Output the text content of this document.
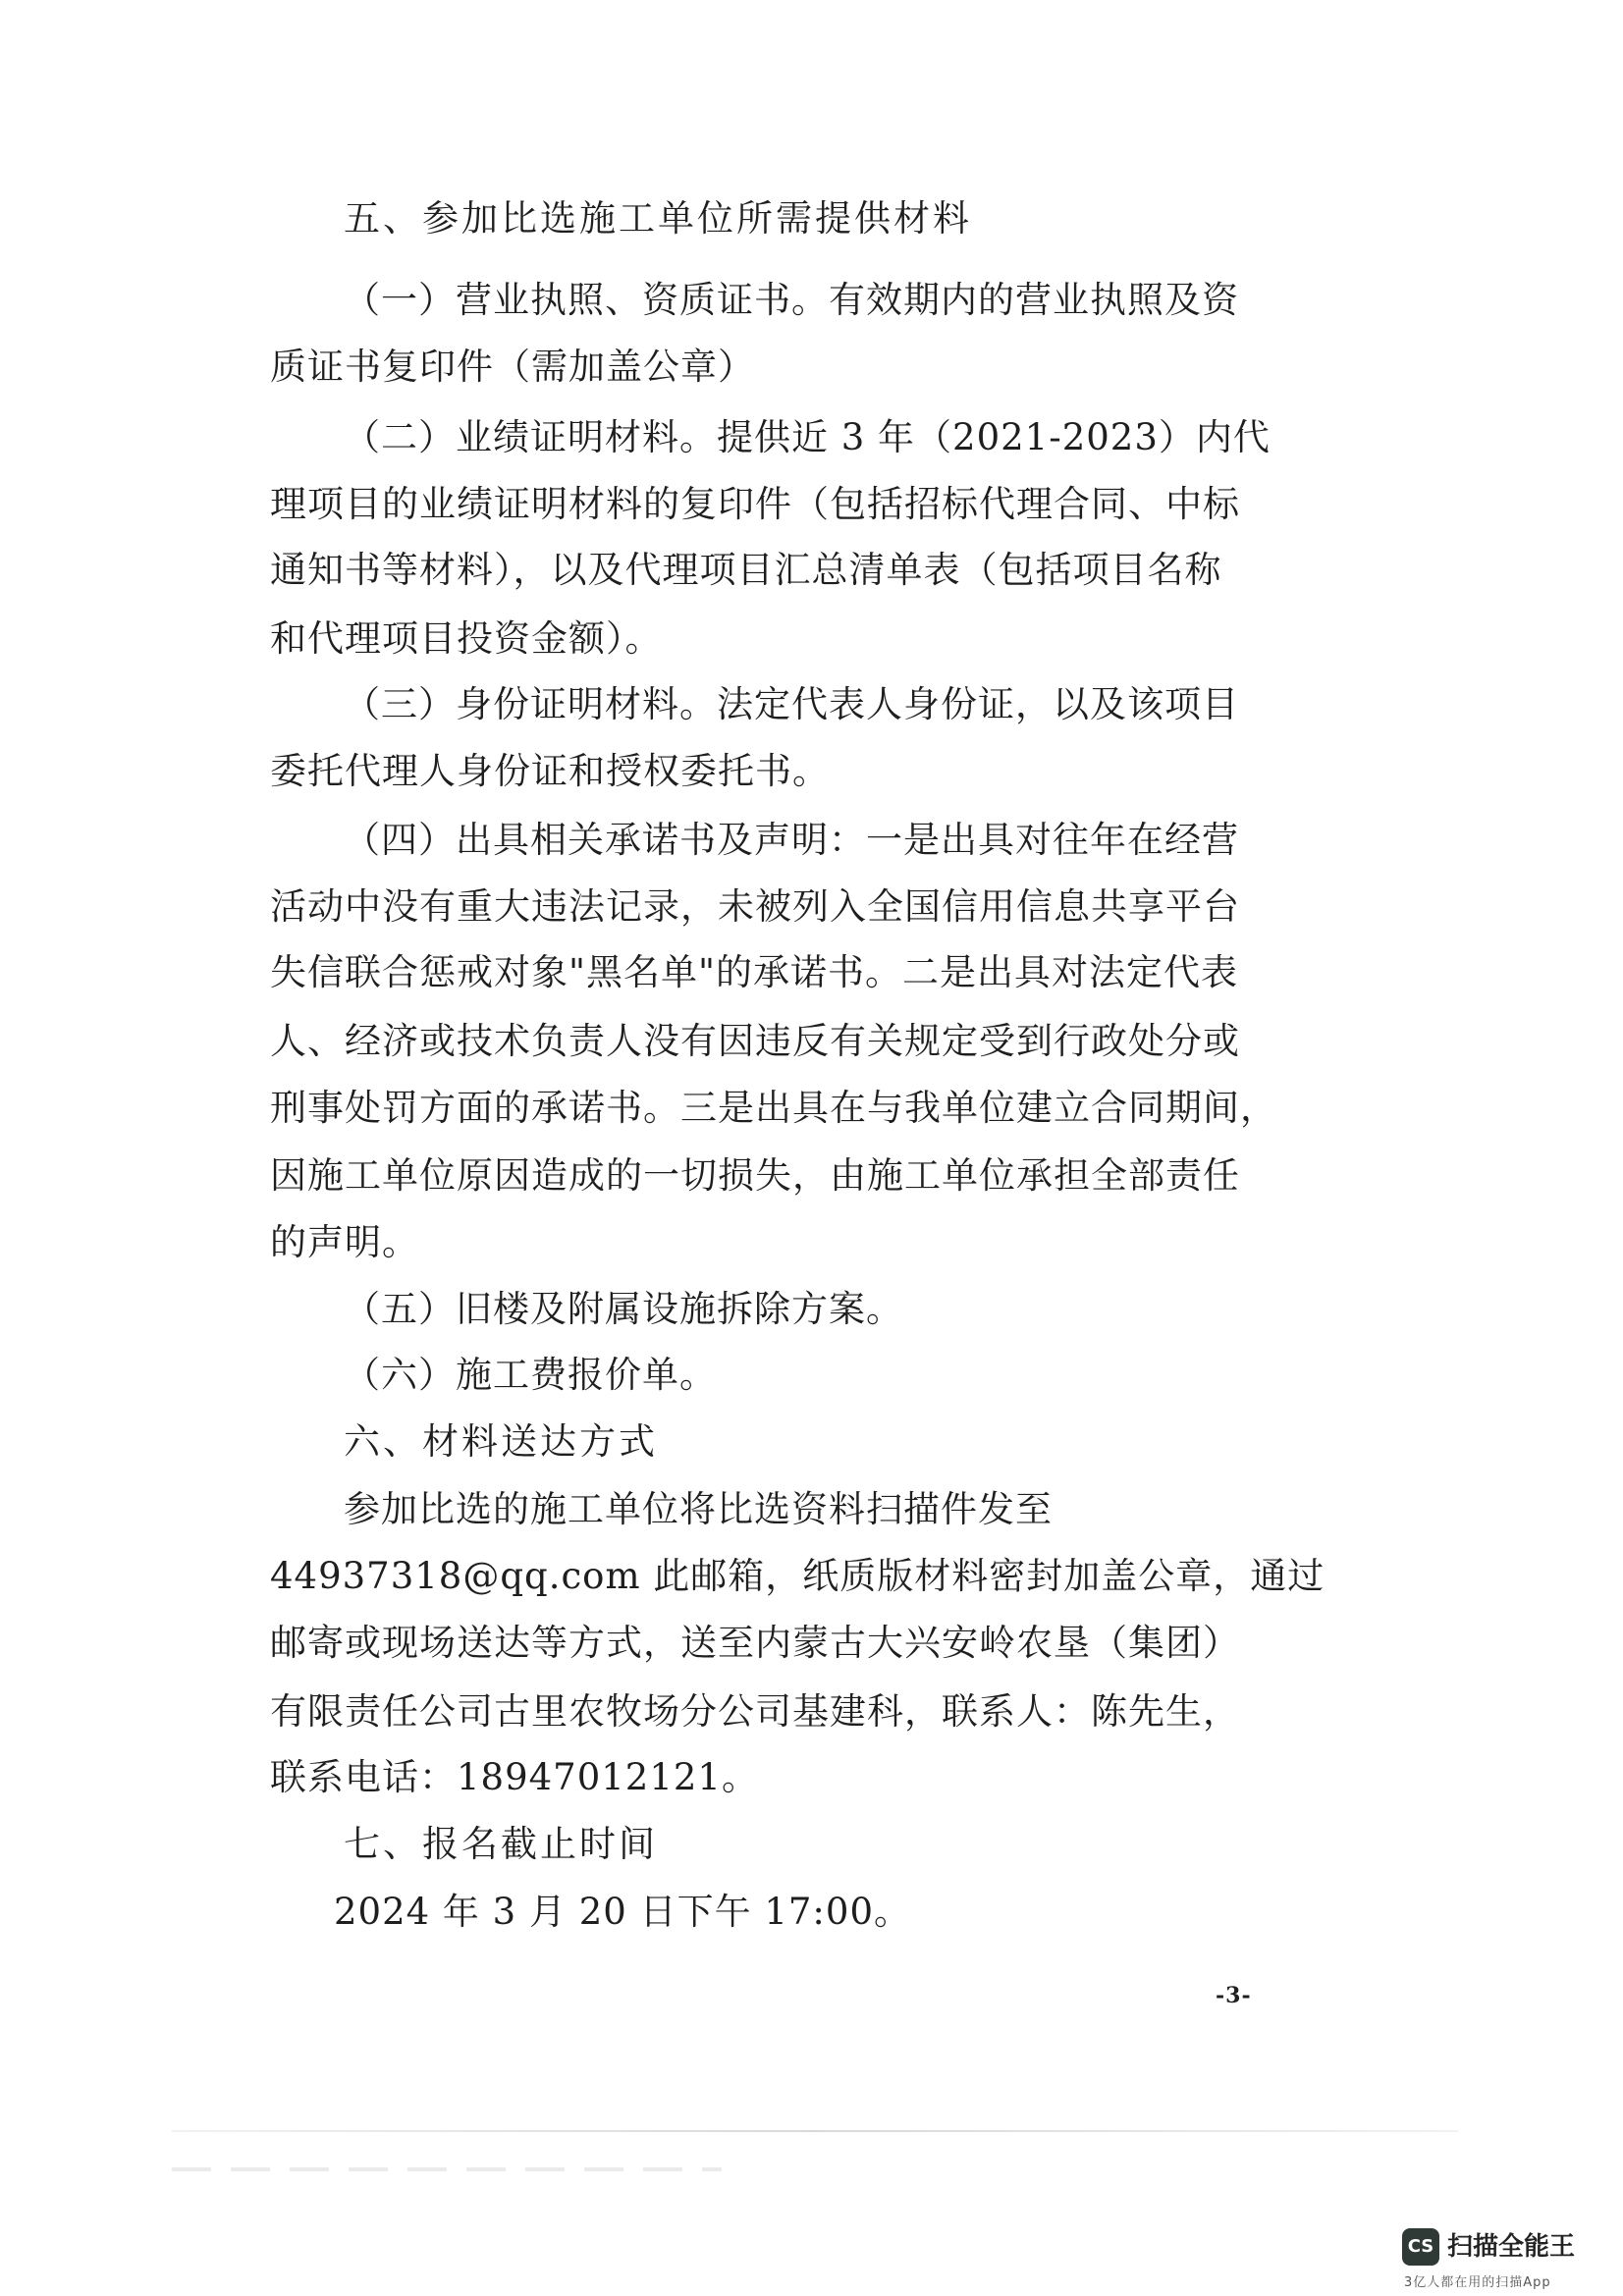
五、参加比选施工单位所需提供材料
（一）营业执照、资质证书。有效期内的营业执照及资
质证书复印件（需加盖公章）
（二）业绩证明材料。提供近 3 年（2021-2023）内代
理项目的业绩证明材料的复印件（包括招标代理合同、中标
通知书等材料），以及代理项目汇总清单表（包括项目名称
和代理项目投资金额）。
（三）身份证明材料。法定代表人身份证，以及该项目
委托代理人身份证和授权委托书。
（四）出具相关承诺书及声明：一是出具对往年在经营
活动中没有重大违法记录，未被列入全国信用信息共享平台
失信联合惩戒对象"黑名单"的承诺书。二是出具对法定代表
人、经济或技术负责人没有因违反有关规定受到行政处分或
刑事处罚方面的承诺书。三是出具在与我单位建立合同期间，
因施工单位原因造成的一切损失，由施工单位承担全部责任
的声明。
（五）旧楼及附属设施拆除方案。
（六）施工费报价单。
六、材料送达方式
参加比选的施工单位将比选资料扫描件发至
44937318@qq.com 此邮箱，纸质版材料密封加盖公章，通过
邮寄或现场送达等方式，送至内蒙古大兴安岭农垦（集团）
有限责任公司古里农牧场分公司基建科，联系人：陈先生，
联系电话：18947012121。
七、报名截止时间
2024 年 3 月 20 日下午 17:00。
-3-
CS 扫描全能王
3亿人都在用的扫描App
